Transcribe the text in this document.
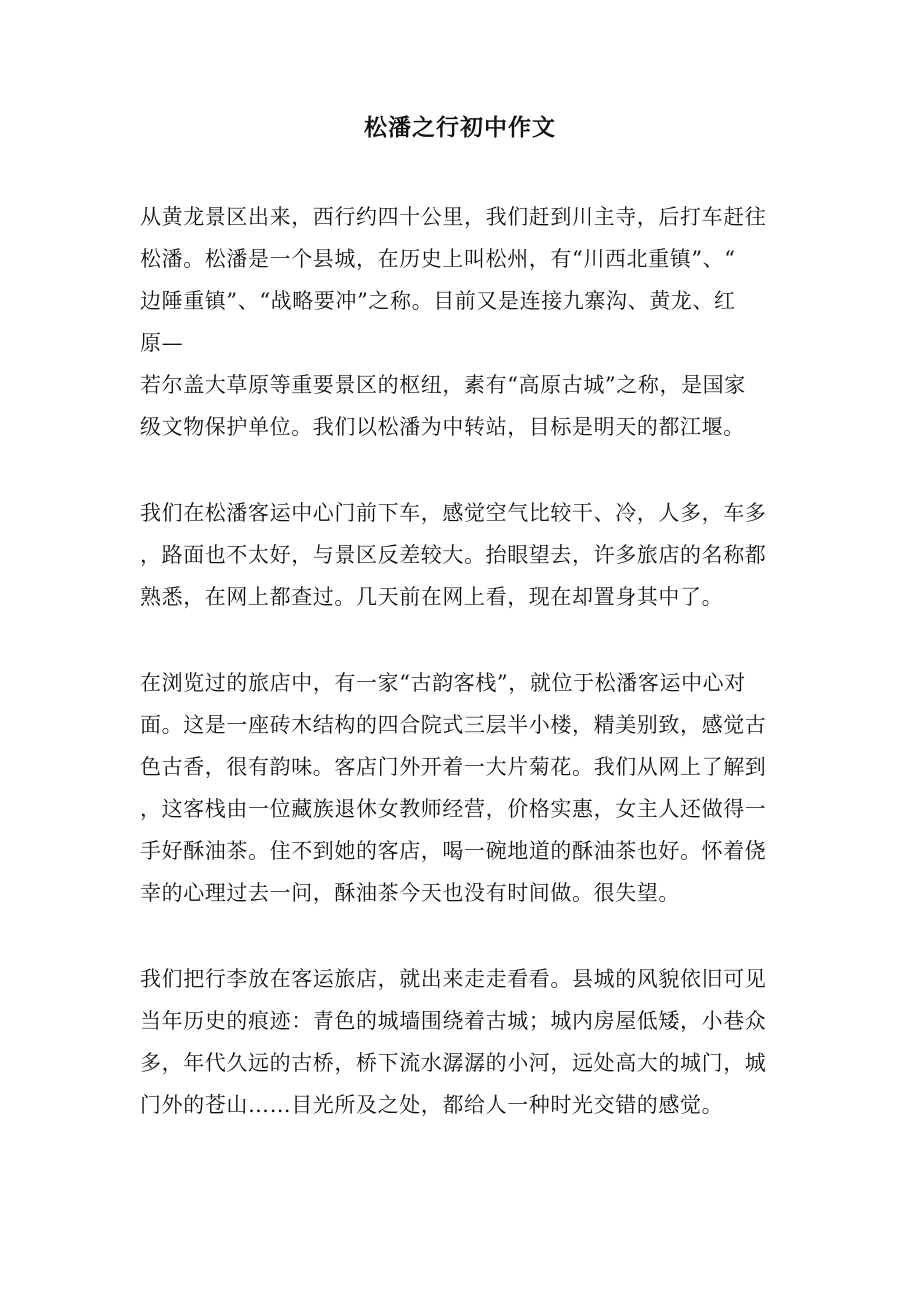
松潘之行初中作文
从黄龙景区出来，西行约四十公里，我们赶到川主寺，后打车赶往
松潘。松潘是一个县城，在历史上叫松州，有“川西北重镇”、“
边陲重镇”、“战略要冲”之称。目前又是连接九寨沟、黄龙、红
原—
若尔盖大草原等重要景区的枢纽，素有“高原古城”之称，是国家
级文物保护单位。我们以松潘为中转站，目标是明天的都江堰。
我们在松潘客运中心门前下车，感觉空气比较干、冷，人多，车多
，路面也不太好，与景区反差较大。抬眼望去，许多旅店的名称都
熟悉，在网上都查过。几天前在网上看，现在却置身其中了。
在浏览过的旅店中，有一家“古韵客栈”，就位于松潘客运中心对
面。这是一座砖木结构的四合院式三层半小楼，精美别致，感觉古
色古香，很有韵味。客店门外开着一大片菊花。我们从网上了解到
，这客栈由一位藏族退休女教师经营，价格实惠，女主人还做得一
手好酥油茶。住不到她的客店，喝一碗地道的酥油茶也好。怀着侥
幸的心理过去一问，酥油茶今天也没有时间做。很失望。
我们把行李放在客运旅店，就出来走走看看。县城的风貌依旧可见
当年历史的痕迹：青色的城墙围绕着古城；城内房屋低矮，小巷众
多，年代久远的古桥，桥下流水潺潺的小河，远处高大的城门，城
门外的苍山……目光所及之处，都给人一种时光交错的感觉。
